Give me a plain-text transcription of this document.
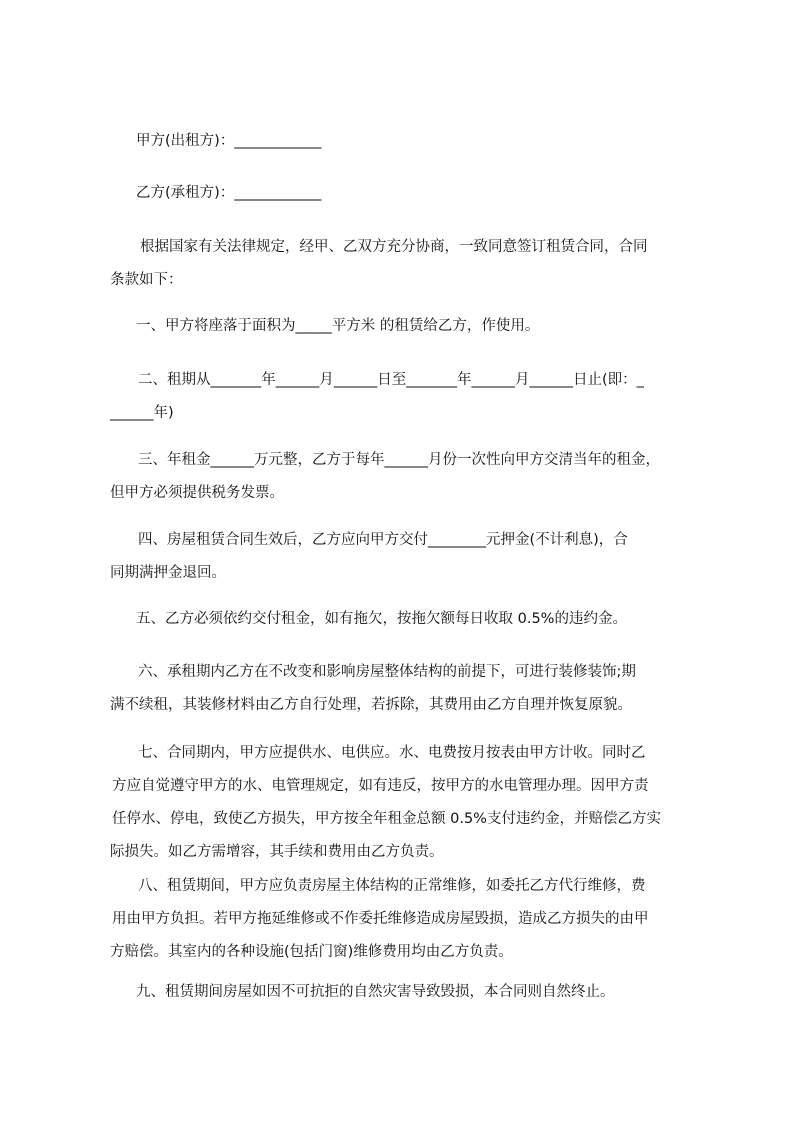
甲方(出租方)：____________

乙方(承租方)：____________

根据国家有关法律规定，经甲、乙双方充分协商，一致同意签订租赁合同，合同
条款如下：

一、甲方将座落于面积为_____平方米 的租赁给乙方，作使用。

二、租期从_______年______月______日至_______年______月______日止(即：_
______年)

三、年租金______万元整，乙方于每年______月份一次性向甲方交清当年的租金，
但甲方必须提供税务发票。

四、房屋租赁合同生效后，乙方应向甲方交付________元押金(不计利息)，合
同期满押金退回。

五、乙方必须依约交付租金，如有拖欠，按拖欠额每日收取 0.5%的违约金。

六、承租期内乙方在不改变和影响房屋整体结构的前提下，可进行装修装饰;期
满不续租，其装修材料由乙方自行处理，若拆除，其费用由乙方自理并恢复原貌。

七、合同期内，甲方应提供水、电供应。水、电费按月按表由甲方计收。同时乙
方应自觉遵守甲方的水、电管理规定，如有违反，按甲方的水电管理办理。因甲方责
任停水、停电，致使乙方损失，甲方按全年租金总额 0.5%支付违约金，并赔偿乙方实
际损失。如乙方需增容，其手续和费用由乙方负责。

八、租赁期间，甲方应负责房屋主体结构的正常维修，如委托乙方代行维修，费
用由甲方负担。若甲方拖延维修或不作委托维修造成房屋毁损，造成乙方损失的由甲
方赔偿。其室内的各种设施(包括门窗)维修费用均由乙方负责。

九、租赁期间房屋如因不可抗拒的自然灾害导致毁损，本合同则自然终止。
